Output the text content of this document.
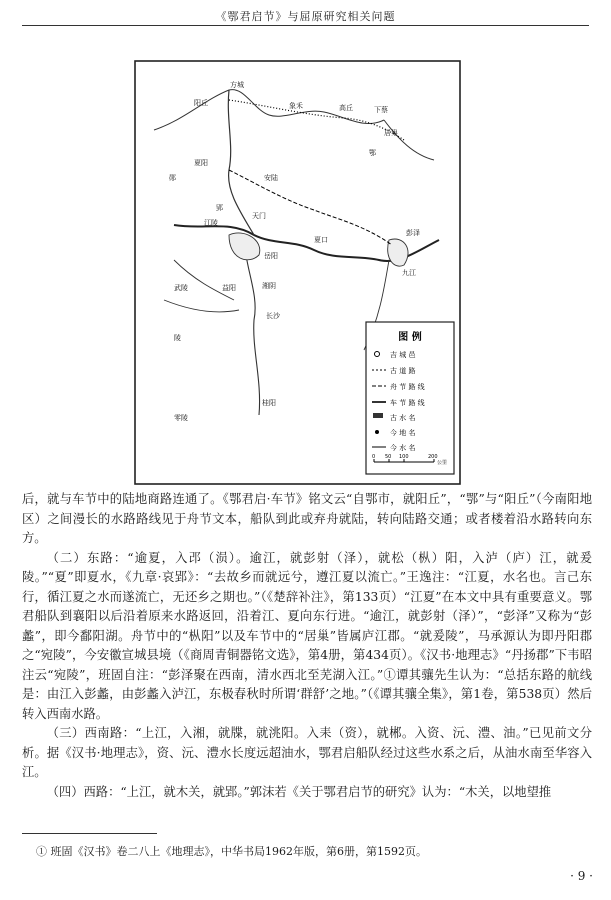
《鄂君启节》与屈原研究相关问题
方城
象禾
阳丘
高丘	下蔡
居巢
郢
鄂
夏阳
江陵
安陆
郧
天门
岳阳
湘阴
长沙
益阳
夏口
彭泽
九江
桂阳
陵
零陵
武陵
图 例
吉 城 邑
古 道 路
舟 节 路 线
车 节 路 线
古 水 名
今 地 名
今 水 名
0 50 100	200
公里

后，就与车节中的陆地商路连通了。《鄂君启·车节》铭文云“自鄂市，就阳丘”，“鄂”与“阳丘”（今南阳地区）之间漫长的水路路线见于舟节文本，船队到此或弃舟就陆，转向陆路交通；或者楼着沿水路转向东方。

（二）东路：“逾夏，入邔（涢）。逾江，就彭射（泽），就松（枞）阳，入泸（庐）江，就爰陵。”“夏”即夏水，《九章·哀郢》：“去故乡而就远兮，遵江夏以流亡。”王逸注：“江夏，水名也。言己东行，循江夏之水而遂流亡，无还乡之期也。”（《楚辞补注》，第133页）“江夏”在本文中具有重要意义。鄂君船队到襄阳以后沿着原来水路返回，沿着江、夏向东行进。“逾江，就彭射（泽）”，“彭泽”又称为“彭蠡”，即今鄱阳湖。舟节中的“枞阳”以及车节中的“居巢”皆属庐江郡。“就爰陵”，马承源认为即丹阳郡之“宛陵”，今安徽宣城县境（《商周青铜器铭文选》，第4册，第434页）。《汉书·地理志》“丹扬郡”下韦昭注云“宛陵”，班固自注：“彭泽聚在西南，清水西北至芜湖入江。”①谭其骧先生认为：“总括东路的航线是：由江入彭蠡，由彭蠡入泸江，东极春秋时所谓‘群舒’之地。”（《谭其骧全集》，第1卷，第538页）然后转入西南水路。

（三）西南路：“上江，入湘，就牒，就洮阳。入耒（资），就郴。入资、沅、澧、油。”已见前文分析。据《汉书·地理志》，资、沅、澧水长度远超油水，鄂君启船队经过这些水系之后，从油水南至华容入江。

（四）西路：“上江，就木关，就郢。”郭沫若《关于鄂君启节的研究》认为：“木关，以地望推

① 班固《汉书》卷二八上《地理志》，中华书局1962年版，第6册，第1592页。
· 9 ·
